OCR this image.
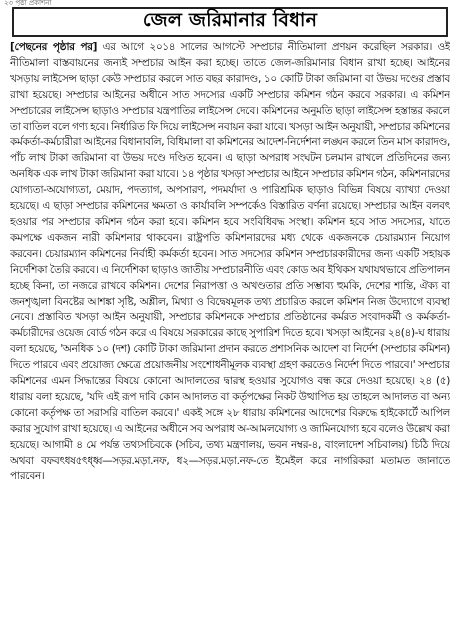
২৩ পৃষ্ঠা প্রকাশনা
জেল জরিমানার বিধান
[পেছনের পৃষ্ঠার পর] এর আগে ২০১৪ সালের আগস্টে সম্প্রচার নীতিমালা প্রণয়ন করেছিল সরকার। ওই নীতিমালা বাস্তবায়নের জন্যই সম্প্রচার আইন করা হচ্ছে। তাতে জেল-জরিমানার বিধান রাখা হচ্ছে। আইনের খসড়ায় লাইসেন্স ছাড়া কেউ সম্প্রচার করলে সাত বছর কারাদণ্ড, ১০ কোটি টাকা জরিমানা বা উভয় দণ্ডের প্রস্তাব রাখা হয়েছে। সম্প্রচার আইনের অধীনে সাত সদস্যের একটি সম্প্রচার কমিশন গঠন করবে সরকার। এ কমিশন সম্প্রচারের লাইসেন্স ছাড়াও সম্প্রচার যন্ত্রপাতির লাইসেন্স দেবে। কমিশনের অনুমতি ছাড়া লাইসেন্স হস্তান্তর করলে তা বাতিল বলে গণ্য হবে। নির্ধারিত ফি দিয়ে লাইসেন্স নবায়ন করা যাবে। খসড়া আইন অনুযায়ী, সম্প্রচার কমিশনের কর্মকর্তা-কর্মচারীরা আইনের বিধানাবলি, বিধিমালা বা কমিশনের আদেশ-নির্দেশনা লঙ্ঘন করলে তিন মাস কারাদণ্ড, পাঁচ লাখ টাকা জরিমানা বা উভয় দণ্ডে দণ্ডিত হবেন। এ ছাড়া অপরাধ সংঘটন চলমান রাখলে প্রতিদিনের জন্য অনধিক এক লাখ টাকা জরিমানা করা যাবে। ১৪ পৃষ্ঠার খসড়া সম্প্রচার আইনে সম্প্রচার কমিশন গঠন, কমিশনারদের যোগ্যতা-অযোগ্যতা, মেয়াদ, পদত্যাগ, অপসারণ, পদমর্যাদা ও পারিশ্রমিক ছাড়াও বিভিন্ন বিষয়ে ব্যাখ্যা দেওয়া হয়েছে। এ ছাড়া সম্প্রচার কমিশনের ক্ষমতা ও কার্যাবলি সম্পর্কেও বিস্তারিত বর্ণনা রয়েছে। সম্প্রচার আইন বলবৎ হওয়ার পর সম্প্রচার কমিশন গঠন করা হবে। কমিশন হবে সংবিধিবদ্ধ সংস্থা। কমিশন হবে সাত সদস্যের, যাতে কমপক্ষে একজন নারী কমিশনার থাকবেন। রাষ্ট্রপতি কমিশনারদের মধ্য থেকে একজনকে চেয়ারম্যান নিয়োগ করবেন। চেয়ারম্যান কমিশনের নির্বাহী কর্মকর্তা হবেন। সাত সদস্যের কমিশন সম্প্রচারকারীদের জন্য একটি সহায়ক নির্দেশিকা তৈরি করবে। এ নির্দেশিকা ছাড়াও জাতীয় সম্প্রচারনীতি এবং কোড অব ইথিকস যথাযথভাবে প্রতিপালন হচ্ছে কিনা, তা নজরে রাখবে কমিশন। দেশের নিরাপত্তা ও অখণ্ডতার প্রতি সম্ভাব্য হুমকি, দেশের শান্তি, ঐক্য বা জনশৃঙ্খলা বিনষ্টের আশঙ্কা সৃষ্টি, অশ্লীল, মিথ্যা ও বিদ্বেষমূলক তথ্য প্রচারিত করলে কমিশন নিজ উদ্যোগে ব্যবস্থা নেবে। প্রস্তাবিত খসড়া আইন অনুযায়ী, সম্প্রচার কমিশনকে সম্প্রচার প্রতিষ্ঠানের কর্মরত সংবাদকর্মী ও কর্মকর্তা-কর্মচারীদের ওয়েজ বোর্ড গঠন করে এ বিষয়ে সরকারের কাছে সুপারিশ দিতে হবে। খসড়া আইনের ২৪(৪)-ঘ ধারায় বলা হয়েছে, 'অনধিক ১০ (দশ) কোটি টাকা জরিমানা প্রদান করতে প্রশাসনিক আদেশ বা নির্দেশ (সম্প্রচার কমিশন) দিতে পারবে এবং প্রয়োজ্য ক্ষেত্রে প্রয়োজনীয় সংশোধনীমূলক ব্যবস্থা গ্রহণ করতেও নির্দেশ দিতে পারবে।' সম্প্রচার কমিশনের এমন সিদ্ধান্তের বিষয়ে কোনো আদালতের দ্বারস্থ হওয়ার সুযোগও বন্ধ করে দেওয়া হয়েছে। ২৪ (৫) ধারায় বলা হয়েছে, 'যদি এই রূপ দাবি কোন আদালত বা কর্তৃপক্ষের নিকট উত্থাপিত হয় তাহলে আদালত বা অন্য কোনো কর্তৃপক্ষ তা সরাসরি বাতিল করবে।' একই সঙ্গে ২৮ ধারায় কমিশনের আদেশের বিরুদ্ধে হাইকোর্টে আপিল করার সুযোগ রাখা হয়েছে। এ আইনের অধীনে সব অপরাধ অ-আমলযোগ্য ও জামিনযোগ্য হবে বলেও উল্লেখ করা হয়েছে। আগামী ৪ মে পর্যন্ত তথ্যসচিবকে (সচিব, তথ্য মন্ত্রণালয়, ভবন নম্বর-৪, বাংলাদেশ সচিবালয়) চিঠি দিয়ে অথবা বফবৎধষ৫ৎধ্ধ্ব—সড়র.মড়া.নফ, ধ২—সড়র.মড়া.নফ-তে ইমেইল করে নাগরিকরা মতামত জানাতে পারবেন।
